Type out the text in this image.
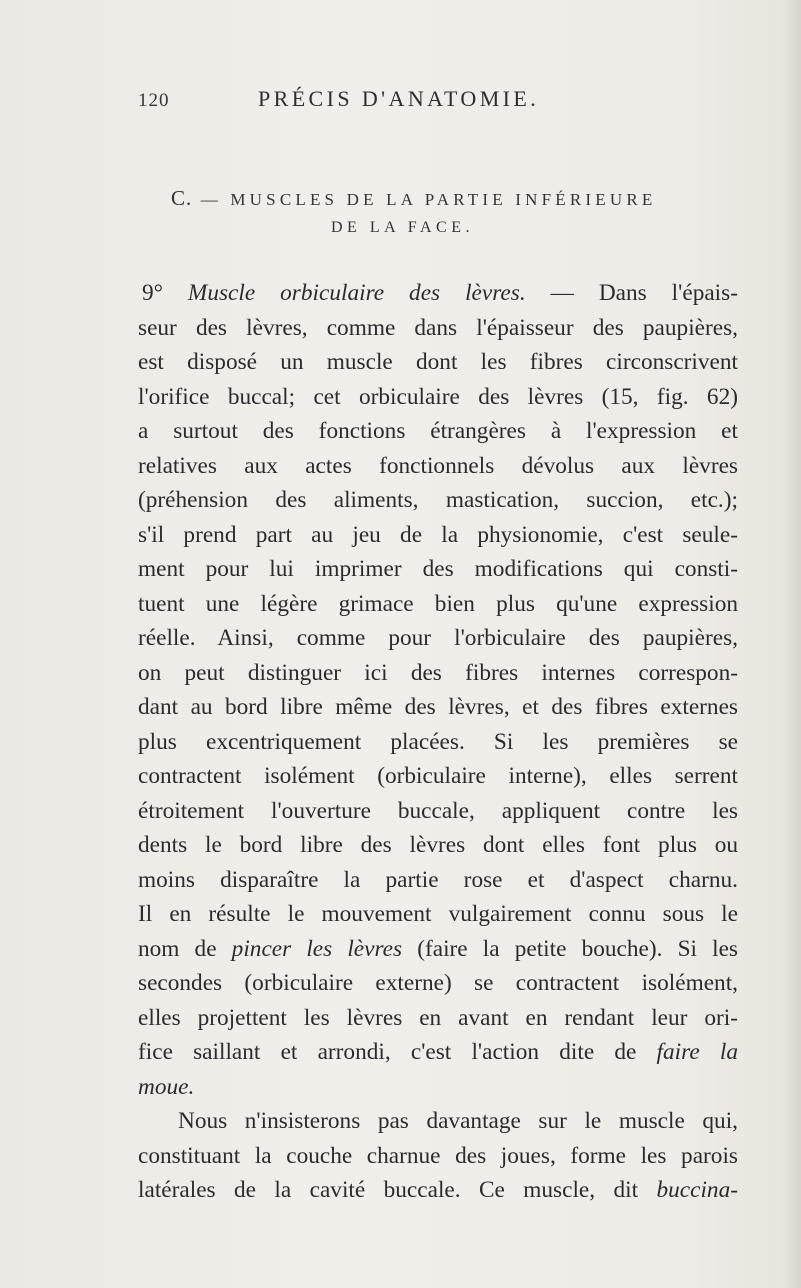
120	PRÉCIS D'ANATOMIE.
C. — MUSCLES DE LA PARTIE INFÉRIEURE
DE LA FACE.
9° Muscle orbiculaire des lèvres. — Dans l'épais-
seur des lèvres, comme dans l'épaisseur des paupières,
est disposé un muscle dont les fibres circonscrivent
l'orifice buccal; cet orbiculaire des lèvres (15, fig. 62)
a surtout des fonctions étrangères à l'expression et
relatives aux actes fonctionnels dévolus aux lèvres
(préhension des aliments, mastication, succion, etc.);
s'il prend part au jeu de la physionomie, c'est seule-
ment pour lui imprimer des modifications qui consti-
tuent une légère grimace bien plus qu'une expression
réelle. Ainsi, comme pour l'orbiculaire des paupières,
on peut distinguer ici des fibres internes correspon-
dant au bord libre même des lèvres, et des fibres externes
plus excentriquement placées. Si les premières se
contractent isolément (orbiculaire interne), elles serrent
étroitement l'ouverture buccale, appliquent contre les
dents le bord libre des lèvres dont elles font plus ou
moins disparaître la partie rose et d'aspect charnu.
Il en résulte le mouvement vulgairement connu sous le
nom de pincer les lèvres (faire la petite bouche). Si les
secondes (orbiculaire externe) se contractent isolément,
elles projettent les lèvres en avant en rendant leur ori-
fice saillant et arrondi, c'est l'action dite de faire la
moue.
Nous n'insisterons pas davantage sur le muscle qui,
constituant la couche charnue des joues, forme les parois
latérales de la cavité buccale. Ce muscle, dit buccina-
